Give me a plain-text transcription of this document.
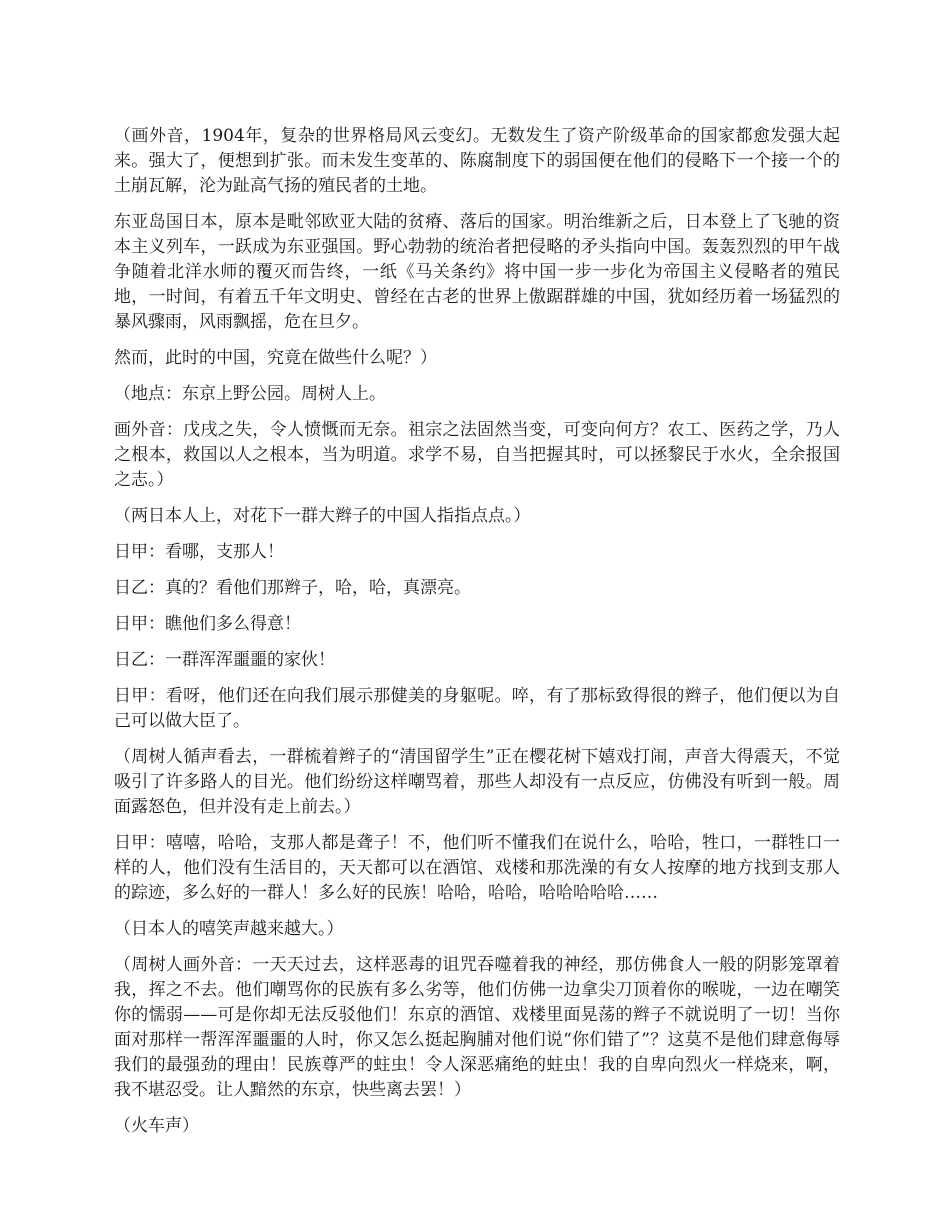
（画外音，1904年，复杂的世界格局风云变幻。无数发生了资产阶级革命的国家都愈发强大起来。强大了，便想到扩张。而未发生变革的、陈腐制度下的弱国便在他们的侵略下一个接一个的土崩瓦解，沦为趾高气扬的殖民者的土地。

东亚岛国日本，原本是毗邻欧亚大陆的贫瘠、落后的国家。明治维新之后，日本登上了飞驰的资本主义列车，一跃成为东亚强国。野心勃勃的统治者把侵略的矛头指向中国。轰轰烈烈的甲午战争随着北洋水师的覆灭而告终，一纸《马关条约》将中国一步一步化为帝国主义侵略者的殖民地，一时间，有着五千年文明史、曾经在古老的世界上傲踞群雄的中国，犹如经历着一场猛烈的暴风骤雨，风雨飘摇，危在旦夕。

然而，此时的中国，究竟在做些什么呢？）

（地点：东京上野公园。周树人上。

画外音：戊戌之失，令人愤慨而无奈。祖宗之法固然当变，可变向何方？农工、医药之学，乃人之根本，救国以人之根本，当为明道。求学不易，自当把握其时，可以拯黎民于水火，全余报国之志。）

（两日本人上，对花下一群大辫子的中国人指指点点。）

日甲：看哪，支那人！

日乙：真的？看他们那辫子，哈，哈，真漂亮。

日甲：瞧他们多么得意！

日乙：一群浑浑噩噩的家伙！

日甲：看呀，他们还在向我们展示那健美的身躯呢。啐，有了那标致得很的辫子，他们便以为自己可以做大臣了。

（周树人循声看去，一群梳着辫子的“清国留学生”正在樱花树下嬉戏打闹，声音大得震天，不觉吸引了许多路人的目光。他们纷纷这样嘲骂着，那些人却没有一点反应，仿佛没有听到一般。周面露怒色，但并没有走上前去。）

日甲：嘻嘻，哈哈，支那人都是聋子！不，他们听不懂我们在说什么，哈哈，牲口，一群牲口一样的人，他们没有生活目的，天天都可以在酒馆、戏楼和那洗澡的有女人按摩的地方找到支那人的踪迹，多么好的一群人！多么好的民族！哈哈，哈哈，哈哈哈哈哈……

（日本人的嘻笑声越来越大。）

（周树人画外音：一天天过去，这样恶毒的诅咒吞噬着我的神经，那仿佛食人一般的阴影笼罩着我，挥之不去。他们嘲骂你的民族有多么劣等，他们仿佛一边拿尖刀顶着你的喉咙，一边在嘲笑你的懦弱——可是你却无法反驳他们！东京的酒馆、戏楼里面晃荡的辫子不就说明了一切！当你面对那样一帮浑浑噩噩的人时，你又怎么挺起胸脯对他们说“你们错了”？这莫不是他们肆意侮辱我们的最强劲的理由！民族尊严的蛀虫！令人深恶痛绝的蛀虫！我的自卑向烈火一样烧来，啊，我不堪忍受。让人黯然的东京，快些离去罢！）

（火车声）
